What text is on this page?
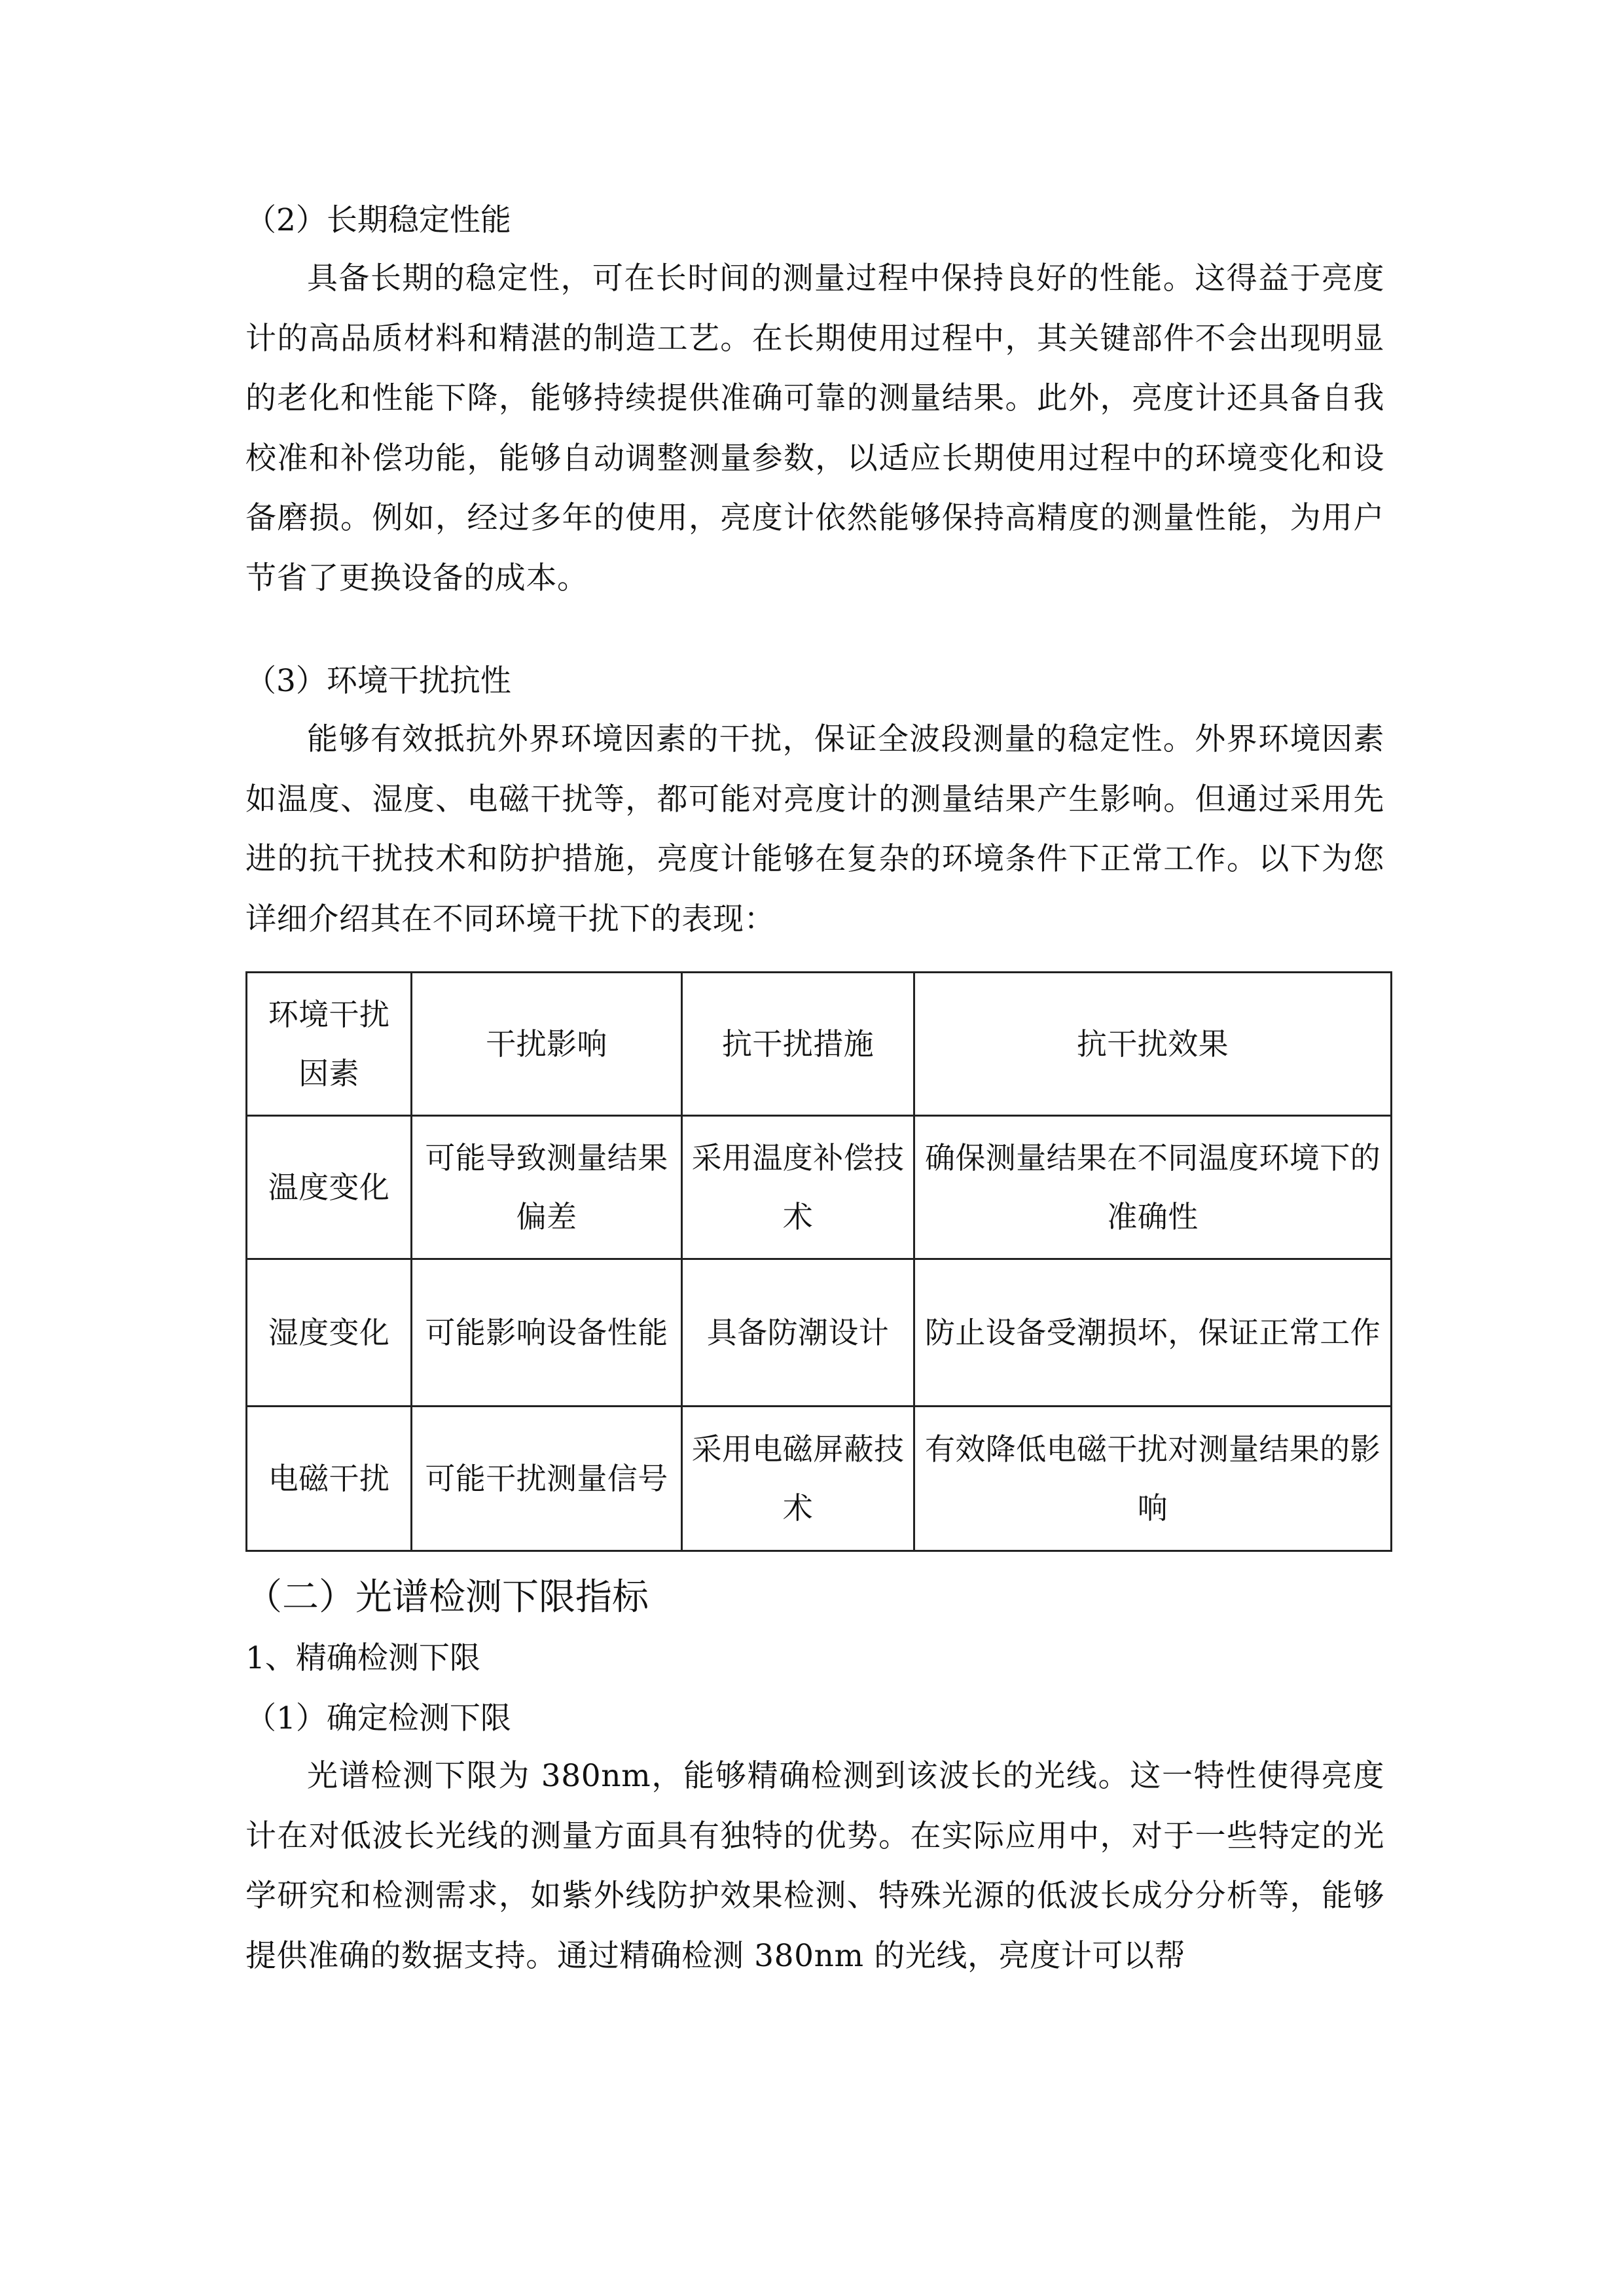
（2）长期稳定性能
具备长期的稳定性，可在长时间的测量过程中保持良好的性能。这得益于亮度计的高品质材料和精湛的制造工艺。在长期使用过程中，其关键部件不会出现明显的老化和性能下降，能够持续提供准确可靠的测量结果。此外，亮度计还具备自我校准和补偿功能，能够自动调整测量参数，以适应长期使用过程中的环境变化和设备磨损。例如，经过多年的使用，亮度计依然能够保持高精度的测量性能，为用户节省了更换设备的成本。
（3）环境干扰抗性
能够有效抵抗外界环境因素的干扰，保证全波段测量的稳定性。外界环境因素如温度、湿度、电磁干扰等，都可能对亮度计的测量结果产生影响。但通过采用先进的抗干扰技术和防护措施，亮度计能够在复杂的环境条件下正常工作。以下为您详细介绍其在不同环境干扰下的表现：
环境干扰因素	干扰影响	抗干扰措施	抗干扰效果
温度变化	可能导致测量结果偏差	采用温度补偿技术	确保测量结果在不同温度环境下的准确性
湿度变化	可能影响设备性能	具备防潮设计	防止设备受潮损坏，保证正常工作
电磁干扰	可能干扰测量信号	采用电磁屏蔽技术	有效降低电磁干扰对测量结果的影响
（二）光谱检测下限指标
1、精确检测下限
（1）确定检测下限
光谱检测下限为 380nm，能够精确检测到该波长的光线。这一特性使得亮度计在对低波长光线的测量方面具有独特的优势。在实际应用中，对于一些特定的光学研究和检测需求，如紫外线防护效果检测、特殊光源的低波长成分分析等，能够提供准确的数据支持。通过精确检测 380nm 的光线，亮度计可以帮
